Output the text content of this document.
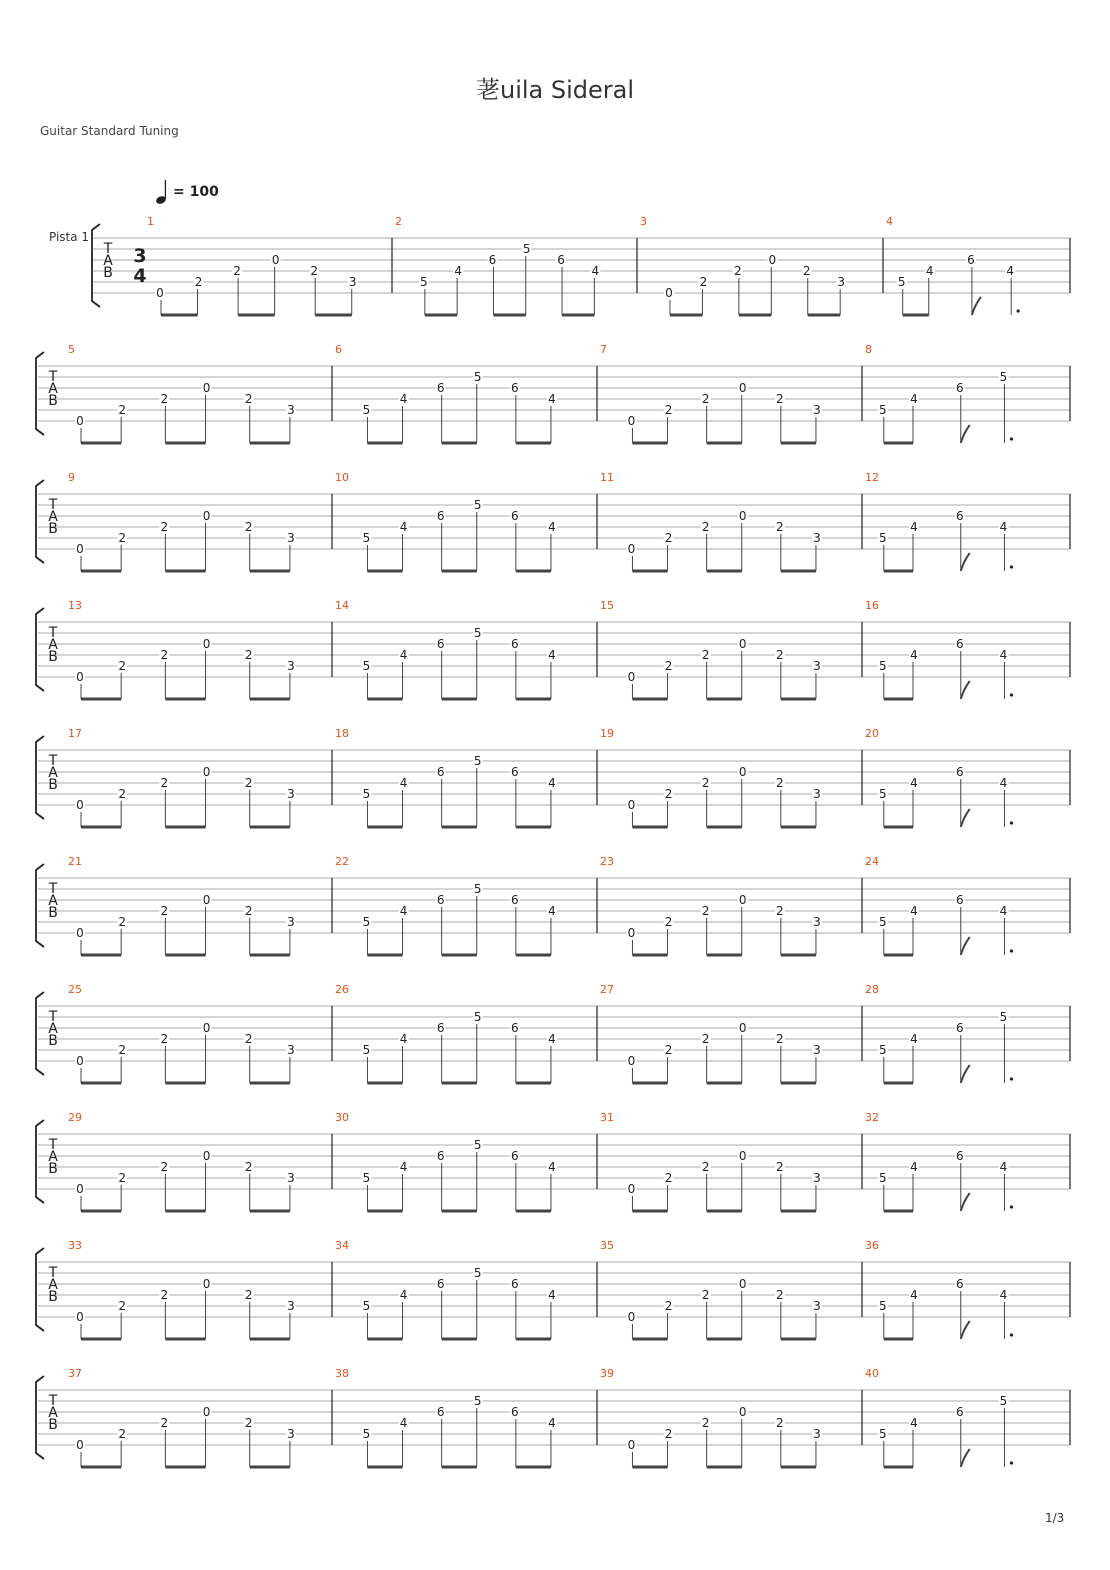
荖uila Sideral
Guitar Standard Tuning
= 100
Pista 1
T
A
B
3
4
1
0
2
2
0
2
3
2
5
4
6
5
6
4
3
0
2
2
0
2
3
4
5
4
6
4
T
A
B
5
0
2
2
0
2
3
6
5
4
6
5
6
4
7
0
2
2
0
2
3
8
5
4
6
5
T
A
B
9
0
2
2
0
2
3
10
5
4
6
5
6
4
11
0
2
2
0
2
3
12
5
4
6
4
T
A
B
13
0
2
2
0
2
3
14
5
4
6
5
6
4
15
0
2
2
0
2
3
16
5
4
6
4
T
A
B
17
0
2
2
0
2
3
18
5
4
6
5
6
4
19
0
2
2
0
2
3
20
5
4
6
4
T
A
B
21
0
2
2
0
2
3
22
5
4
6
5
6
4
23
0
2
2
0
2
3
24
5
4
6
4
T
A
B
25
0
2
2
0
2
3
26
5
4
6
5
6
4
27
0
2
2
0
2
3
28
5
4
6
5
T
A
B
29
0
2
2
0
2
3
30
5
4
6
5
6
4
31
0
2
2
0
2
3
32
5
4
6
4
T
A
B
33
0
2
2
0
2
3
34
5
4
6
5
6
4
35
0
2
2
0
2
3
36
5
4
6
4
T
A
B
37
0
2
2
0
2
3
38
5
4
6
5
6
4
39
0
2
2
0
2
3
40
5
4
6
5
1/3
